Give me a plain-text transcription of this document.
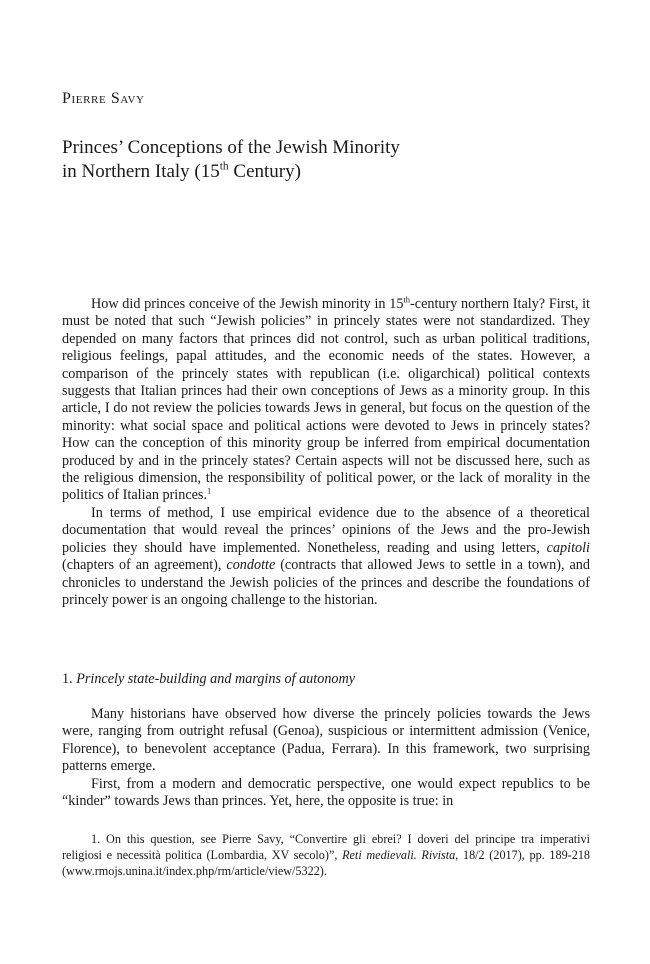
Pierre Savy
Princes’ Conceptions of the Jewish Minority
in Northern Italy (15th Century)

How did princes conceive of the Jewish minority in 15th-century northern Italy? First, it must be noted that such “Jewish policies” in princely states were not standardized. They depended on many factors that princes did not control, such as urban political traditions, religious feelings, papal attitudes, and the economic needs of the states. However, a comparison of the princely states with republican (i.e. oligarchical) political contexts suggests that Italian princes had their own conceptions of Jews as a minority group. In this article, I do not review the policies towards Jews in general, but focus on the question of the minority: what social space and political actions were devoted to Jews in princely states? How can the conception of this minority group be inferred from empirical documentation produced by and in the princely states? Certain aspects will not be discussed here, such as the religious dimension, the responsibility of political power, or the lack of morality in the politics of Italian princes.$^1$

In terms of method, I use empirical evidence due to the absence of a theoretical documentation that would reveal the princes’ opinions of the Jews and the pro-Jewish policies they should have implemented. Nonetheless, reading and using letters, capitoli (chapters of an agreement), condotte (contracts that allowed Jews to settle in a town), and chronicles to understand the Jewish policies of the princes and describe the foundations of princely power is an ongoing challenge to the historian.

1. Princely state-building and margins of autonomy

Many historians have observed how diverse the princely policies towards the Jews were, ranging from outright refusal (Genoa), suspicious or intermittent admission (Venice, Florence), to benevolent acceptance (Padua, Ferrara). In this framework, two surprising patterns emerge.

First, from a modern and democratic perspective, one would expect republics to be “kinder” towards Jews than princes. Yet, here, the opposite is true: in

1. On this question, see Pierre Savy, “Convertire gli ebrei? I doveri del principe tra imperativi religiosi e necessità politica (Lombardia, XV secolo)”, Reti medievali. Rivista, 18/2 (2017), pp. 189-218 (www.rmojs.unina.it/index.php/rm/article/view/5322).
